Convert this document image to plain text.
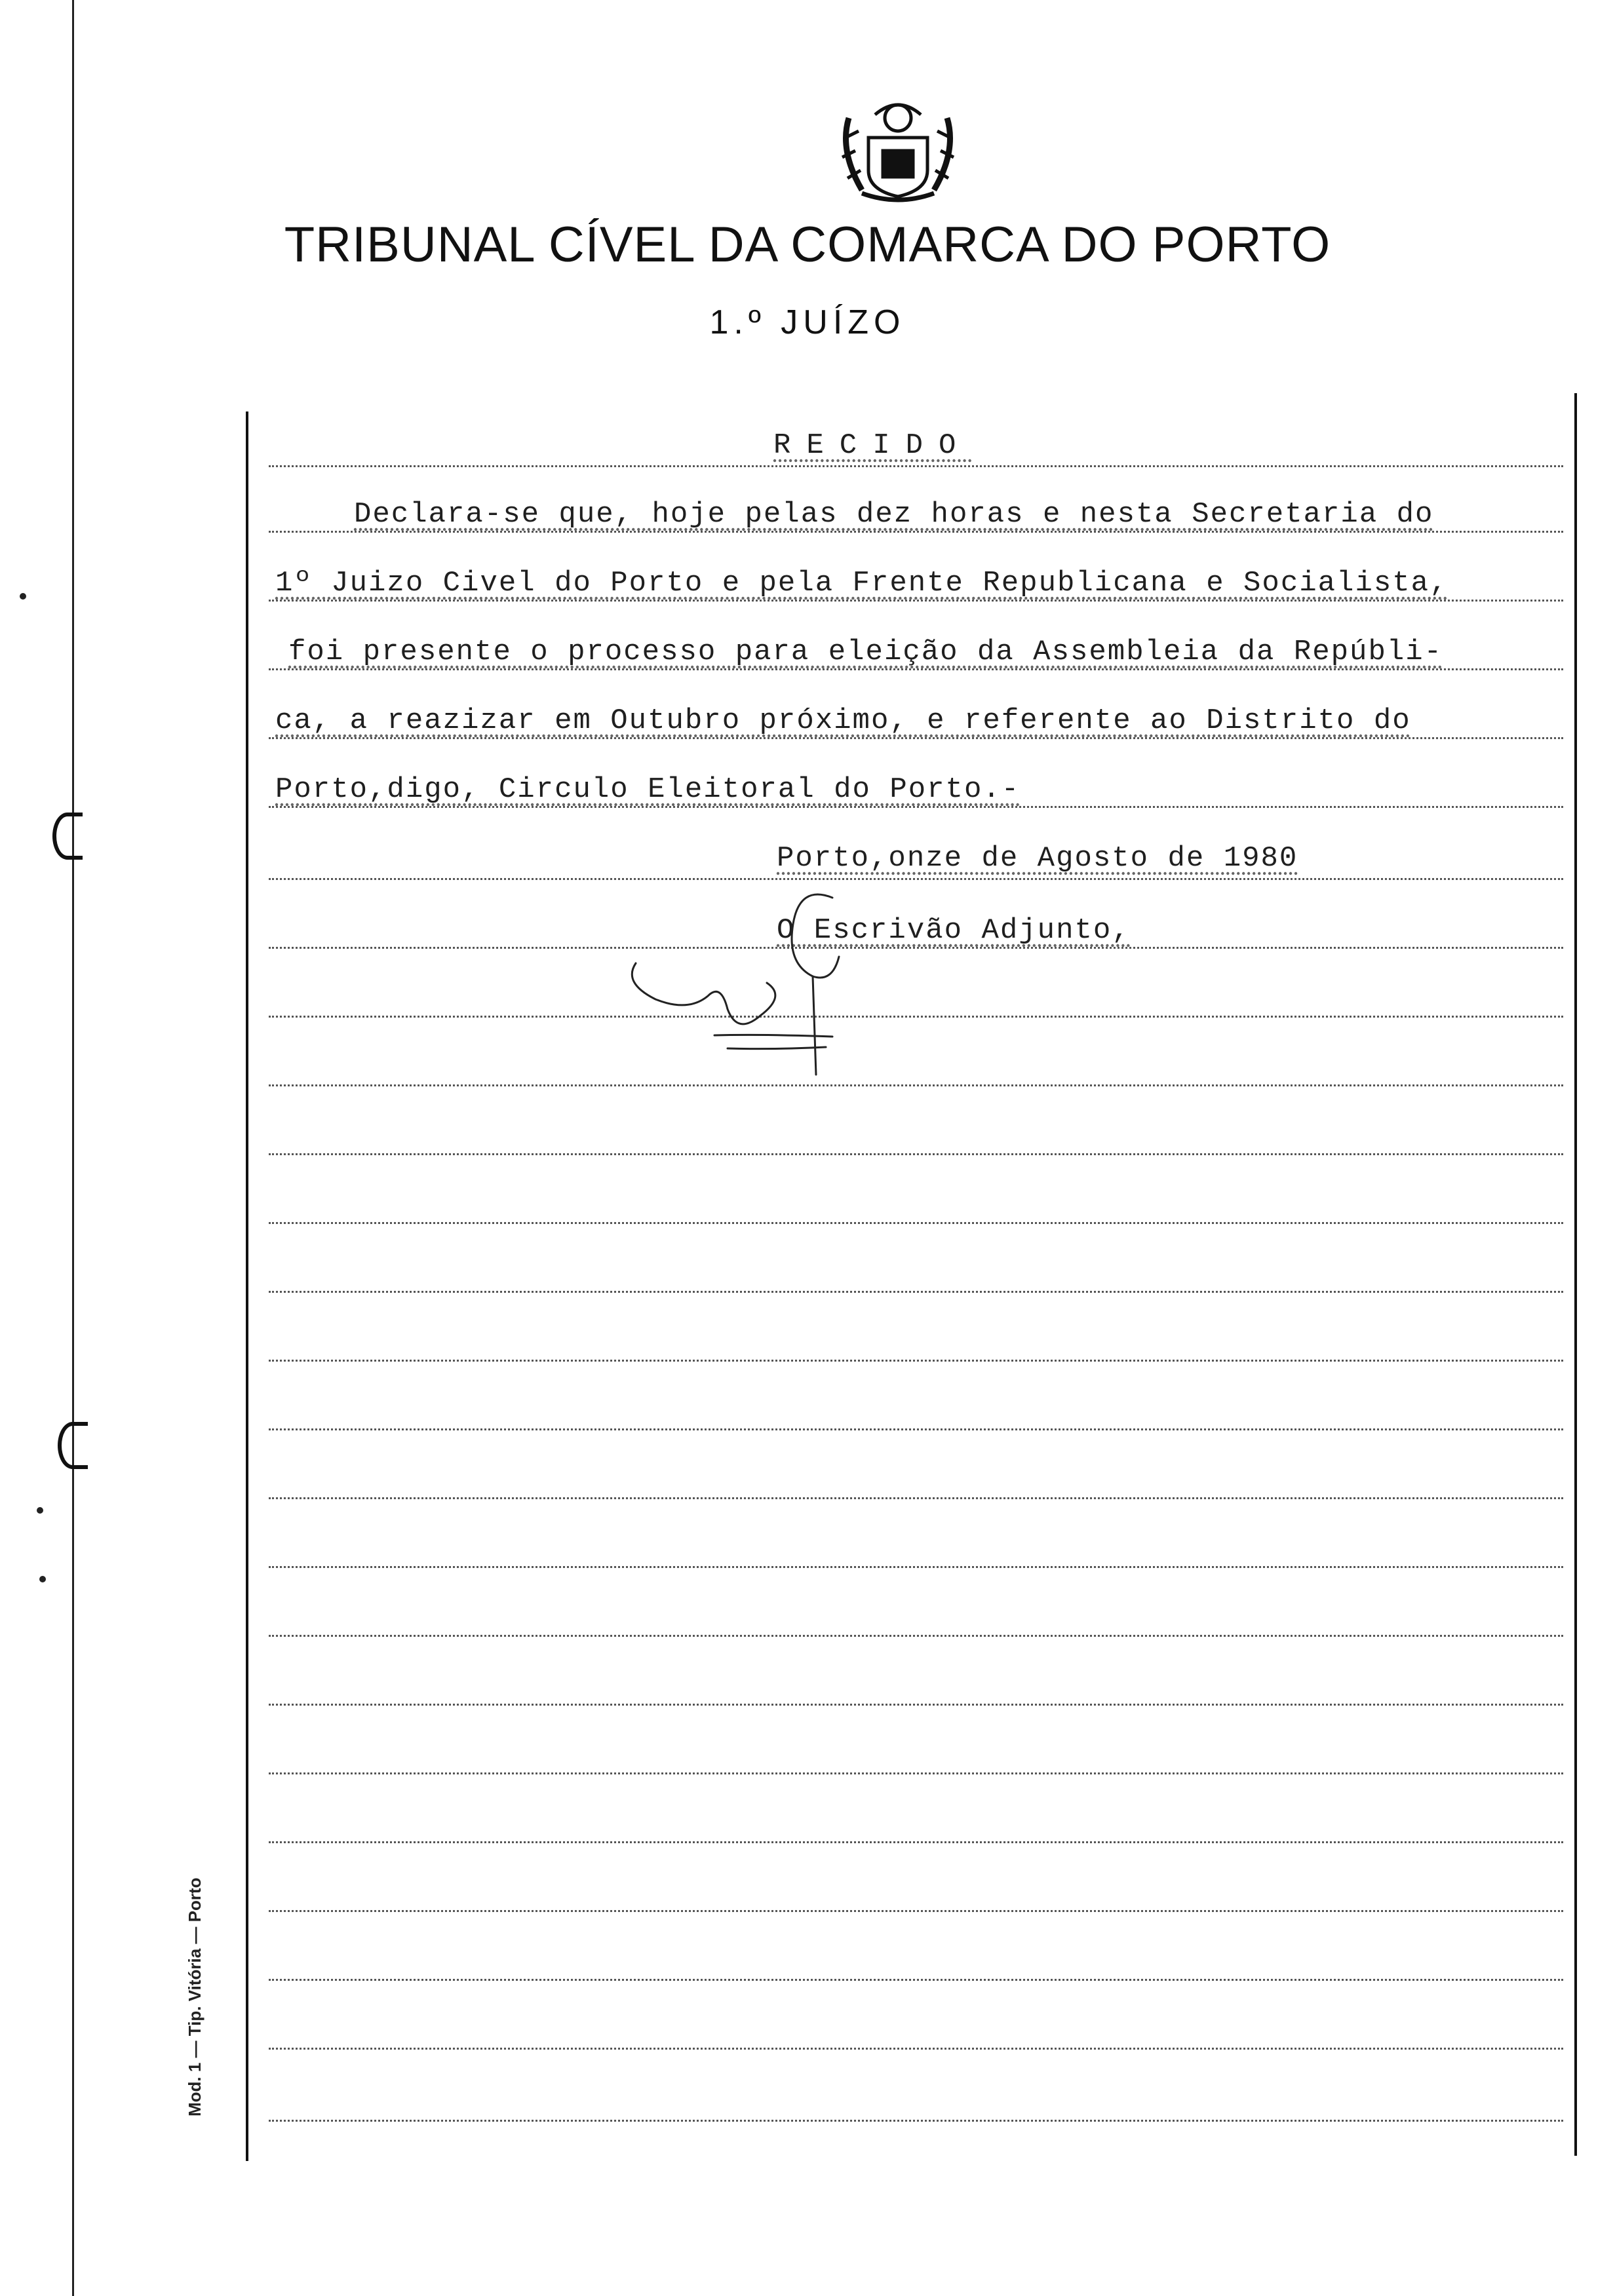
TRIBUNAL CÍVEL DA COMARCA DO PORTO
1.º JUÍZO
RECIDO
Declara-se que, hoje pelas dez horas e nesta Secretaria do
1º Juizo Civel do Porto e pela Frente Republicana e Socialista,
foi presente o processo para eleição da Assembleia da Repúbli-
ca, a reazizar em Outubro próximo, e referente ao Distrito do
Porto,digo, Circulo Eleitoral do Porto.-
Porto,onze de Agosto de 1980
O Escrivão Adjunto,
Mod. 1 — Tip. Vitória — Porto
